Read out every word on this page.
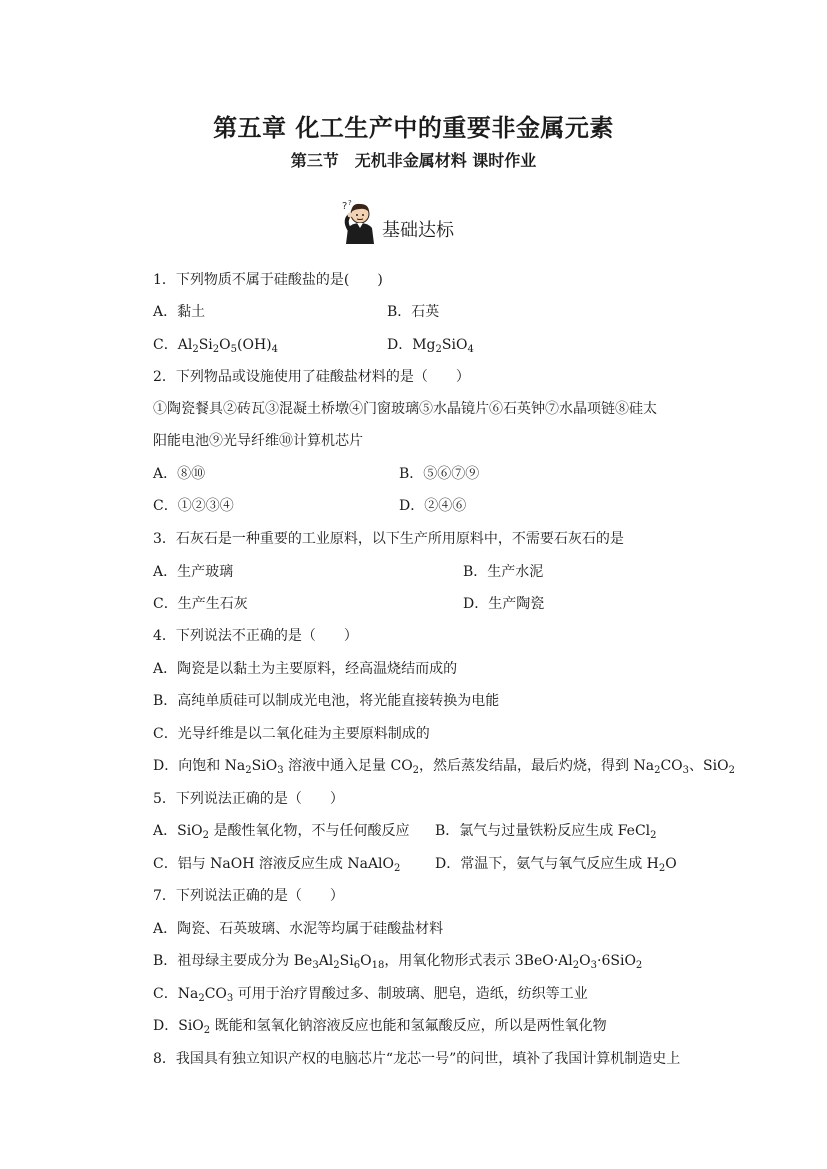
第五章 化工生产中的重要非金属元素
第三节　无机非金属材料 课时作业
? ?
基础达标
1．下列物质不属于硅酸盐的是(　　)
A．黏土	B．石英
C．$Al_2Si_2O_5(OH)_4$	D．$Mg_2SiO_4$
2．下列物品或设施使用了硅酸盐材料的是（　　）
①陶瓷餐具②砖瓦③混凝土桥墩④门窗玻璃⑤水晶镜片⑥石英钟⑦水晶项链⑧硅太
阳能电池⑨光导纤维⑩计算机芯片
A．⑧⑩	B．⑤⑥⑦⑨
C．①②③④	D．②④⑥
3．石灰石是一种重要的工业原料，以下生产所用原料中，不需要石灰石的是
A．生产玻璃	B．生产水泥
C．生产生石灰	D．生产陶瓷
4．下列说法不正确的是（　　）
A．陶瓷是以黏土为主要原料，经高温烧结而成的
B．高纯单质硅可以制成光电池，将光能直接转换为电能
C．光导纤维是以二氧化硅为主要原料制成的
D．向饱和 $Na_2SiO_3$ 溶液中通入足量 $CO_2$，然后蒸发结晶，最后灼烧，得到 $Na_2CO_3$、SiO$_2$
5．下列说法正确的是（　　）
A．SiO$_2$ 是酸性氧化物，不与任何酸反应 B．氯气与过量铁粉反应生成 FeCl$_2$
C．铝与 NaOH 溶液反应生成 NaAlO$_2$ D．常温下，氨气与氧气反应生成 $H_2O$
7．下列说法正确的是（　　）
A．陶瓷、石英玻璃、水泥等均属于硅酸盐材料
B．祖母绿主要成分为 $Be_3Al_2Si_6O_{18}$，用氧化物形式表示 $3BeO\cdot Al_2O_3\cdot 6SiO_2$
C．$Na_2CO_3$ 可用于治疗胃酸过多、制玻璃、肥皂，造纸，纺织等工业
D．SiO$_2$ 既能和氢氧化钠溶液反应也能和氢氟酸反应，所以是两性氧化物
8．我国具有独立知识产权的电脑芯片“龙芯一号”的问世，填补了我国计算机制造史上
